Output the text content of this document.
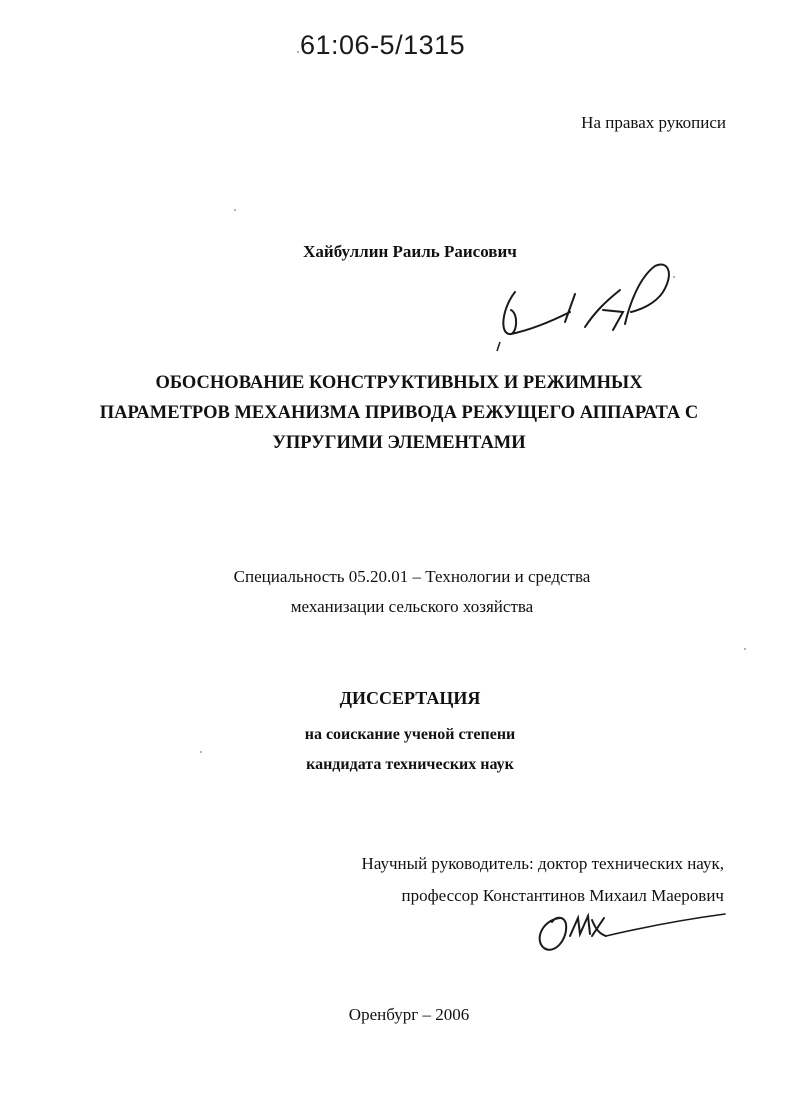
61:06-5/1315
На правах рукописи
Хайбуллин Раиль Раисович
ОБОСНОВАНИЕ КОНСТРУКТИВНЫХ И РЕЖИМНЫХ
ПАРАМЕТРОВ МЕХАНИЗМА ПРИВОДА РЕЖУЩЕГО АППАРАТА С
УПРУГИМИ ЭЛЕМЕНТАМИ
Специальность 05.20.01 – Технологии и средства
механизации сельского хозяйства
ДИССЕРТАЦИЯ
на соискание ученой степени
кандидата технических наук
Научный руководитель: доктор технических наук,
профессор Константинов Михаил Маерович
Оренбург – 2006
